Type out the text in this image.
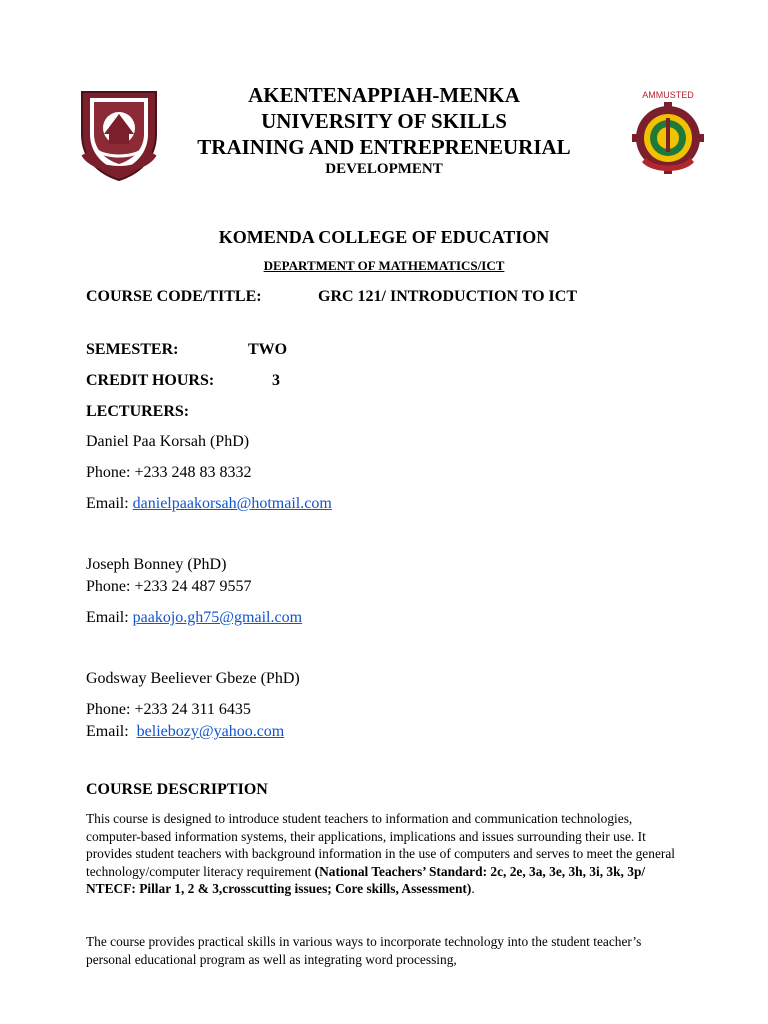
AMMUSTED
AKENTENAPPIAH-MENKA
UNIVERSITY OF SKILLS
TRAINING AND ENTREPRENEURIAL
DEVELOPMENT
KOMENDA COLLEGE OF EDUCATION
DEPARTMENT OF MATHEMATICS/ICT
COURSE CODE/TITLE:	GRC 121/ INTRODUCTION TO ICT
SEMESTER:	TWO
CREDIT HOURS:	3
LECTURERS:
Daniel Paa Korsah (PhD)
Phone: +233 248 83 8332
Email: danielpaakorsah@hotmail.com
Joseph Bonney (PhD)
Phone: +233 24 487 9557
Email: paakojo.gh75@gmail.com
Godsway Beeliever Gbeze (PhD)
Phone: +233 24 311 6435
Email: beliebozy@yahoo.com
COURSE DESCRIPTION
This course is designed to introduce student teachers to information and communication technologies, computer-based information systems, their applications, implications and issues surrounding their use. It provides student teachers with background information in the use of computers and serves to meet the general technology/computer literacy requirement (National Teachers’ Standard: 2c, 2e, 3a, 3e, 3h, 3i, 3k, 3p/ NTECF: Pillar 1, 2 & 3,crosscutting issues; Core skills, Assessment).
The course provides practical skills in various ways to incorporate technology into the student teacher’s personal educational program as well as integrating word processing,
